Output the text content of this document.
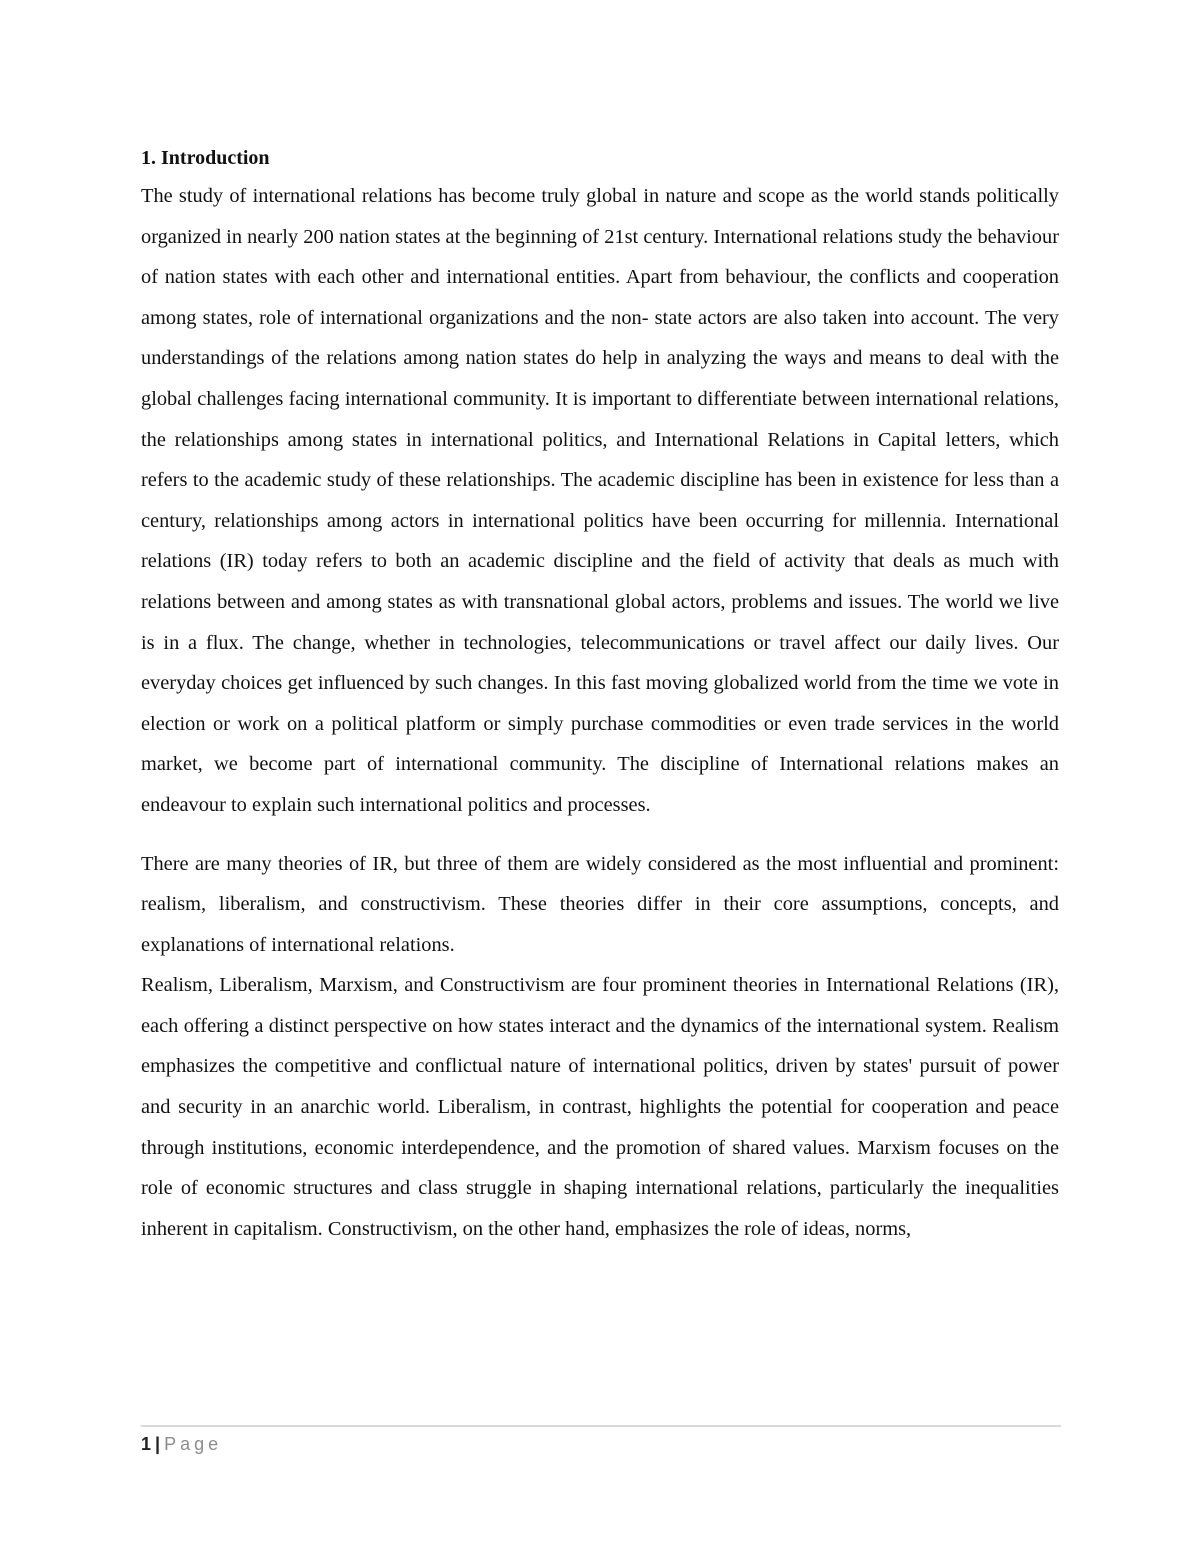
1. Introduction

The study of international relations has become truly global in nature and scope as the world stands politically organized in nearly 200 nation states at the beginning of 21st century. International relations study the behaviour of nation states with each other and international entities. Apart from behaviour, the conflicts and cooperation among states, role of international organizations and the non- state actors are also taken into account. The very understandings of the relations among nation states do help in analyzing the ways and means to deal with the global challenges facing international community. It is important to differentiate between international relations, the relationships among states in international politics, and International Relations in Capital letters, which refers to the academic study of these relationships. The academic discipline has been in existence for less than a century, relationships among actors in international politics have been occurring for millennia. International relations (IR) today refers to both an academic discipline and the field of activity that deals as much with relations between and among states as with transnational global actors, problems and issues. The world we live is in a flux. The change, whether in technologies, telecommunications or travel affect our daily lives. Our everyday choices get influenced by such changes. In this fast moving globalized world from the time we vote in election or work on a political platform or simply purchase commodities or even trade services in the world market, we become part of international community. The discipline of International relations makes an endeavour to explain such international politics and processes.

There are many theories of IR, but three of them are widely considered as the most influential and prominent: realism, liberalism, and constructivism. These theories differ in their core assumptions, concepts, and explanations of international relations.

Realism, Liberalism, Marxism, and Constructivism are four prominent theories in International Relations (IR), each offering a distinct perspective on how states interact and the dynamics of the international system. Realism emphasizes the competitive and conflictual nature of international politics, driven by states' pursuit of power and security in an anarchic world. Liberalism, in contrast, highlights the potential for cooperation and peace through institutions, economic interdependence, and the promotion of shared values. Marxism focuses on the role of economic structures and class struggle in shaping international relations, particularly the inequalities inherent in capitalism. Constructivism, on the other hand, emphasizes the role of ideas, norms,

1 | Page
